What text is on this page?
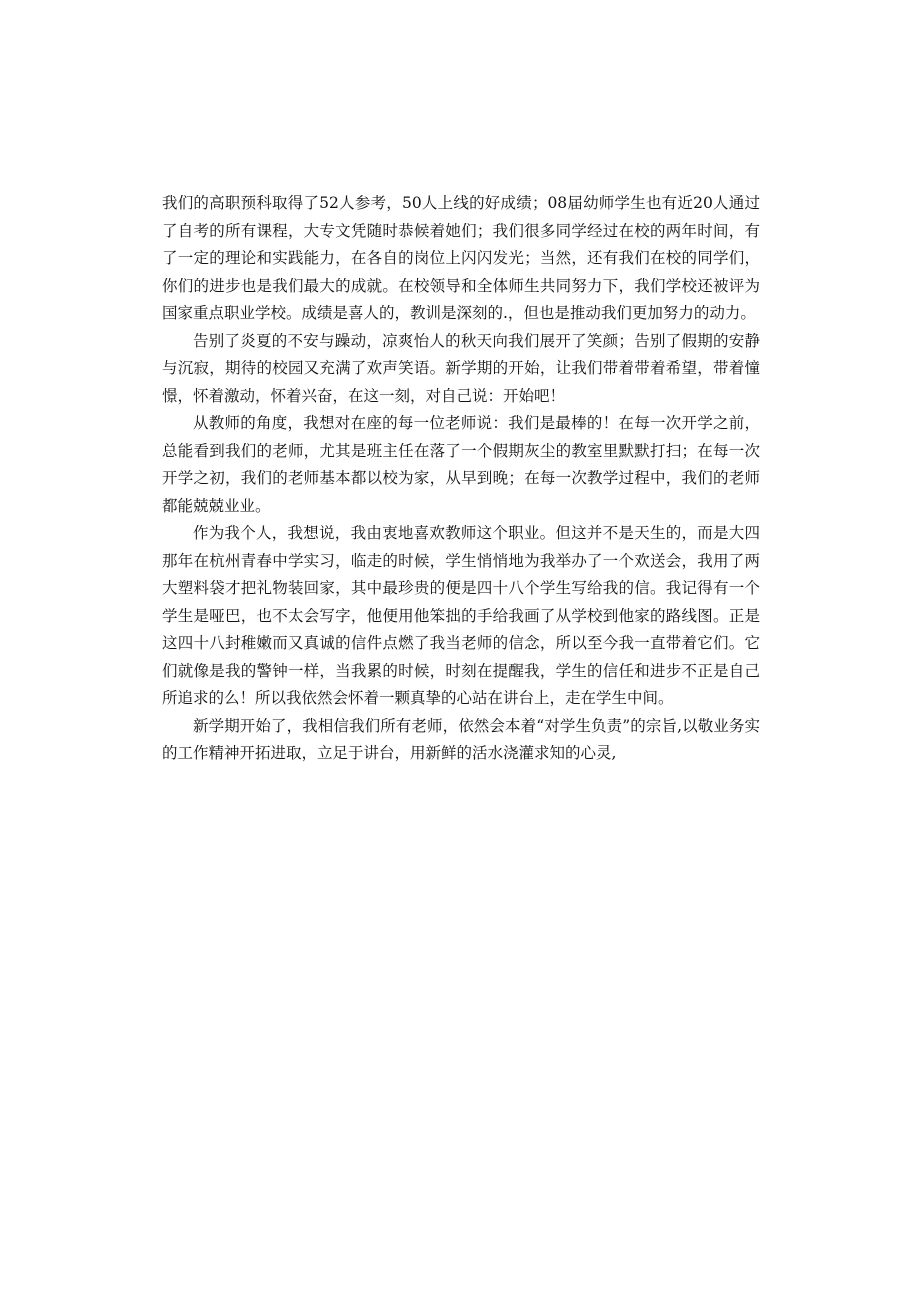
我们的高职预科取得了52人参考，50人上线的好成绩；08届幼师学生也有近20人通过了自考的所有课程，大专文凭随时恭候着她们；我们很多同学经过在校的两年时间，有了一定的理论和实践能力，在各自的岗位上闪闪发光；当然，还有我们在校的同学们，你们的进步也是我们最大的成就。在校领导和全体师生共同努力下，我们学校还被评为国家重点职业学校。成绩是喜人的，教训是深刻的.，但也是推动我们更加努力的动力。

告别了炎夏的不安与躁动，凉爽怡人的秋天向我们展开了笑颜；告别了假期的安静与沉寂，期待的校园又充满了欢声笑语。新学期的开始，让我们带着带着希望，带着憧憬，怀着激动，怀着兴奋，在这一刻，对自己说：开始吧！

从教师的角度，我想对在座的每一位老师说：我们是最棒的！在每一次开学之前，总能看到我们的老师，尤其是班主任在落了一个假期灰尘的教室里默默打扫；在每一次开学之初，我们的老师基本都以校为家，从早到晚；在每一次教学过程中，我们的老师都能兢兢业业。

作为我个人，我想说，我由衷地喜欢教师这个职业。但这并不是天生的，而是大四那年在杭州青春中学实习，临走的时候，学生悄悄地为我举办了一个欢送会，我用了两大塑料袋才把礼物装回家，其中最珍贵的便是四十八个学生写给我的信。我记得有一个学生是哑巴，也不太会写字，他便用他笨拙的手给我画了从学校到他家的路线图。正是这四十八封稚嫩而又真诚的信件点燃了我当老师的信念，所以至今我一直带着它们。它们就像是我的警钟一样，当我累的时候，时刻在提醒我，学生的信任和进步不正是自己所追求的么！所以我依然会怀着一颗真挚的心站在讲台上，走在学生中间。

新学期开始了，我相信我们所有老师，依然会本着“对学生负责”的宗旨,以敬业务实的工作精神开拓进取，立足于讲台，用新鲜的活水浇灌求知的心灵,
